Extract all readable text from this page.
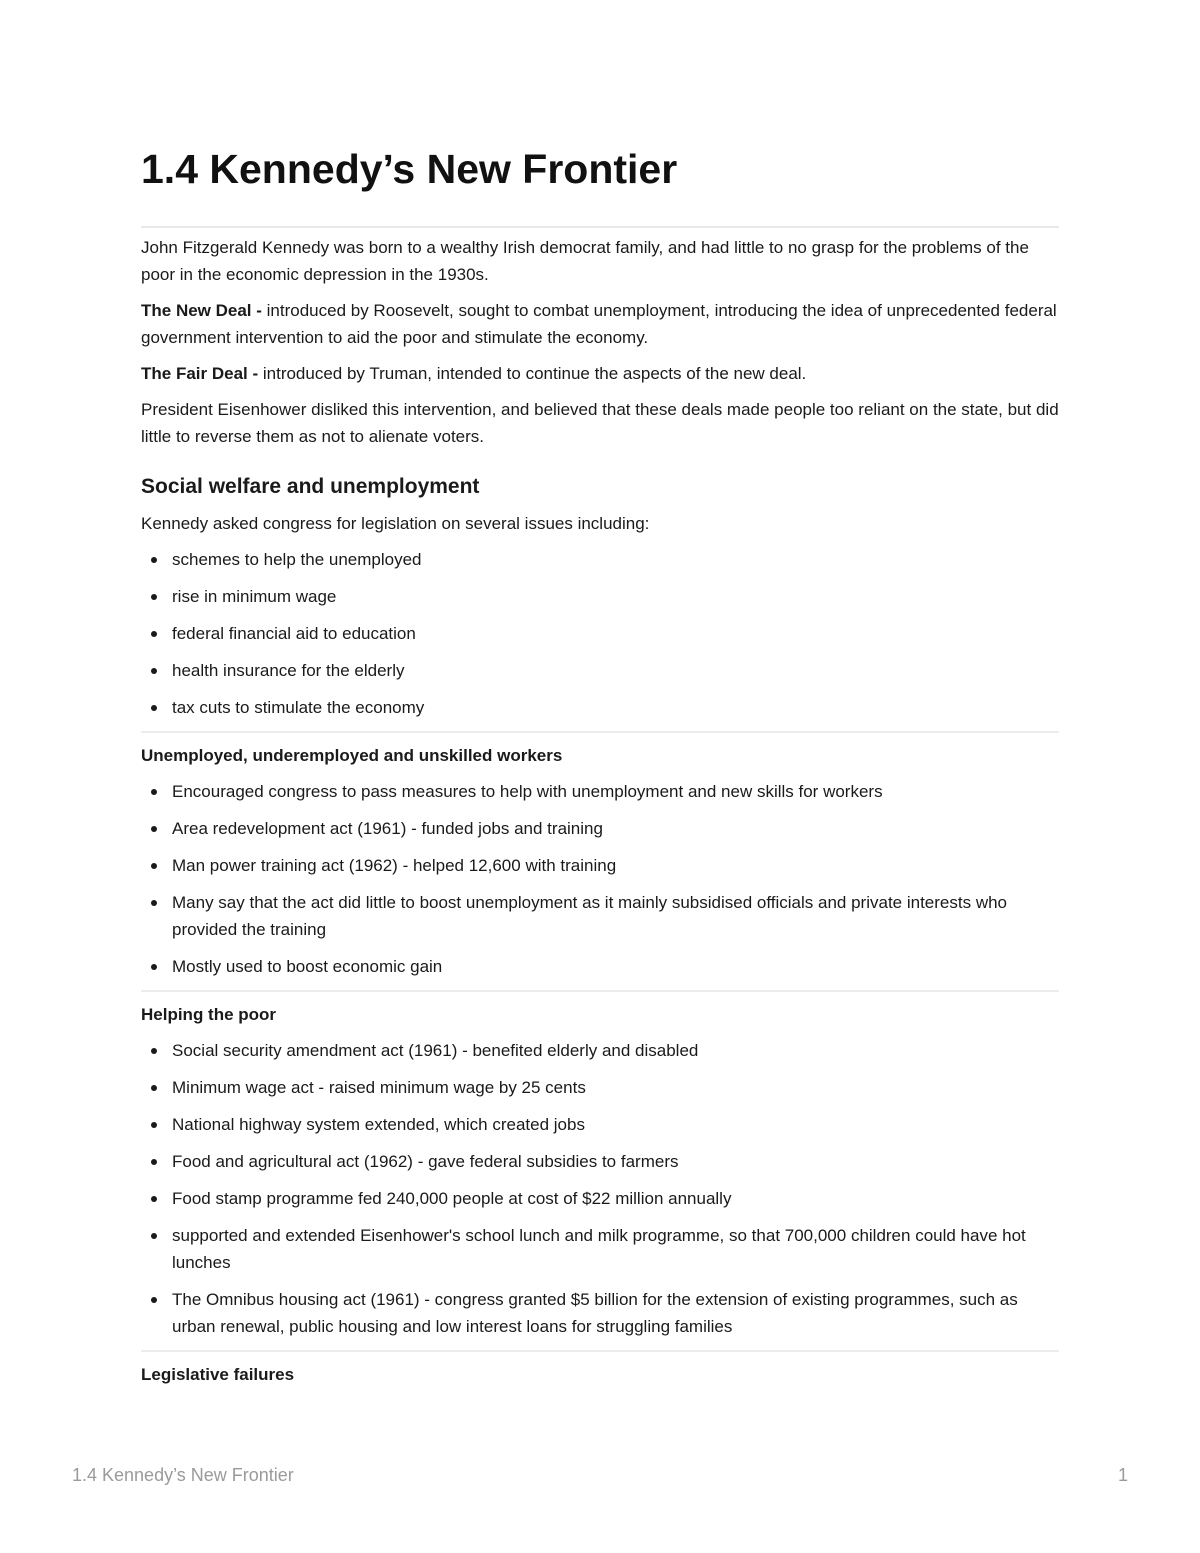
1.4 Kennedy’s New Frontier

John Fitzgerald Kennedy was born to a wealthy Irish democrat family, and had little to no grasp for the problems of the poor in the economic depression in the 1930s.

The New Deal - introduced by Roosevelt, sought to combat unemployment, introducing the idea of unprecedented federal government intervention to aid the poor and stimulate the economy.

The Fair Deal - introduced by Truman, intended to continue the aspects of the new deal.

President Eisenhower disliked this intervention, and believed that these deals made people too reliant on the state, but did little to reverse them as not to alienate voters.

Social welfare and unemployment

Kennedy asked congress for legislation on several issues including:

schemes to help the unemployed
rise in minimum wage
federal financial aid to education
health insurance for the elderly
tax cuts to stimulate the economy
Unemployed, underemployed and unskilled workers
Encouraged congress to pass measures to help with unemployment and new skills for workers
Area redevelopment act (1961) - funded jobs and training
Man power training act (1962) - helped 12,600 with training
Many say that the act did little to boost unemployment as it mainly subsidised officials and private interests who provided the training
Mostly used to boost economic gain
Helping the poor
Social security amendment act (1961) - benefited elderly and disabled
Minimum wage act - raised minimum wage by 25 cents
National highway system extended, which created jobs
Food and agricultural act (1962) - gave federal subsidies to farmers
Food stamp programme fed 240,000 people at cost of $22 million annually
supported and extended Eisenhower's school lunch and milk programme, so that 700,000 children could have hot lunches
The Omnibus housing act (1961) - congress granted $5 billion for the extension of existing programmes, such as urban renewal, public housing and low interest loans for struggling families
Legislative failures
1.4 Kennedy’s New Frontier	1
